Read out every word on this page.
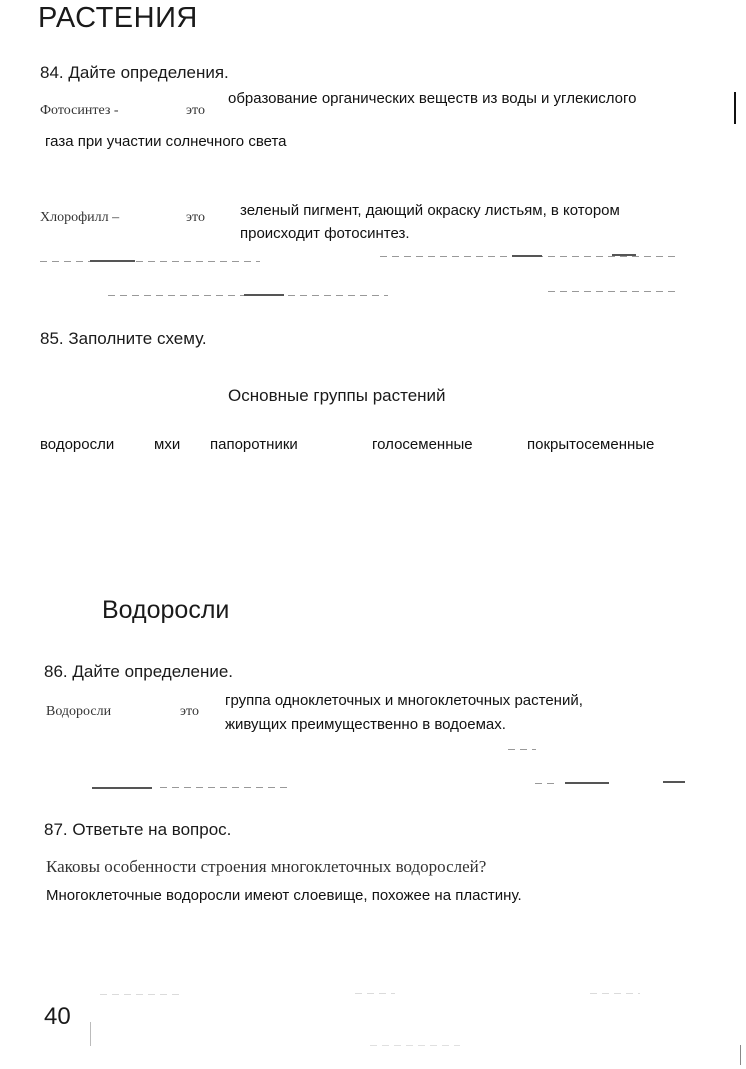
РАСТЕНИЯ
84. Дайте определения.
Фотосинтез -	это
образование органических веществ из воды и углекислого
газа при участии солнечного света
Хлорофилл –	это зеленый пигмент, дающий окраску листьям, в котором
происходит фотосинтез.
85. Заполните схему.
Основные группы растений
водоросли	мхи папоротники	голосеменные	покрытосеменные
Водоросли
86. Дайте определение.
Водоросли	это
группа одноклеточных и многоклеточных растений,
живущих преимущественно в водоемах.
87. Ответьте на вопрос.
Каковы особенности строения многоклеточных водорослей?
Многоклеточные водоросли имеют слоевище, похожее на пластину.
40
